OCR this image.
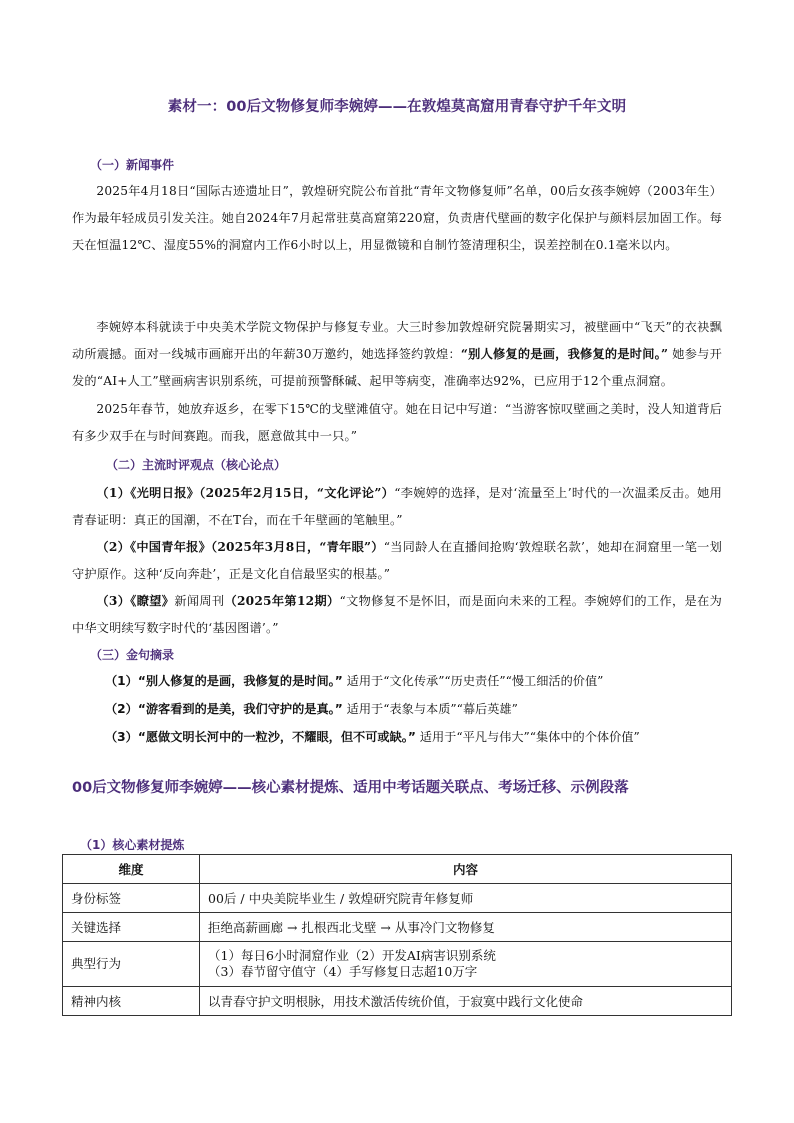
素材一：00后文物修复师李婉婷——在敦煌莫高窟用青春守护千年文明
（一）新闻事件
2025年4月18日“国际古迹遗址日”，敦煌研究院公布首批“青年文物修复师”名单，00后女孩李婉婷（2003年生）作为最年轻成员引发关注。她自2024年7月起常驻莫高窟第220窟，负责唐代壁画的数字化保护与颜料层加固工作。每天在恒温12℃、湿度55%的洞窟内工作6小时以上，用显微镜和自制竹签清理积尘，误差控制在0.1毫米以内。
李婉婷本科就读于中央美术学院文物保护与修复专业。大三时参加敦煌研究院暑期实习，被壁画中“飞天”的衣袂飘动所震撼。面对一线城市画廊开出的年薪30万邀约，她选择签约敦煌：“别人修复的是画，我修复的是时间。” 她参与开发的“AI+人工”壁画病害识别系统，可提前预警酥碱、起甲等病变，准确率达92%，已应用于12个重点洞窟。
2025年春节，她放弃返乡，在零下15℃的戈壁滩值守。她在日记中写道：“当游客惊叹壁画之美时，没人知道背后有多少双手在与时间赛跑。而我，愿意做其中一只。”
（二）主流时评观点（核心论点）
（1）《光明日报》（2025年2月15日，“文化评论”）“李婉婷的选择，是对‘流量至上’时代的一次温柔反击。她用青春证明：真正的国潮，不在T台，而在千年壁画的笔触里。”
（2）《中国青年报》（2025年3月8日，“青年眼”）“当同龄人在直播间抢购‘敦煌联名款’，她却在洞窟里一笔一划守护原作。这种‘反向奔赴’，正是文化自信最坚实的根基。”
（3）《瞭望》新闻周刊（2025年第12期）“文物修复不是怀旧，而是面向未来的工程。李婉婷们的工作，是在为中华文明续写数字时代的‘基因图谱’。”
（三）金句摘录
（1）“别人修复的是画，我修复的是时间。” 适用于“文化传承”“历史责任”“慢工细活的价值”
（2）“游客看到的是美，我们守护的是真。” 适用于“表象与本质”“幕后英雄”
（3）“愿做文明长河中的一粒沙，不耀眼，但不可或缺。” 适用于“平凡与伟大”“集体中的个体价值”
00后文物修复师李婉婷——核心素材提炼、适用中考话题关联点、考场迁移、示例段落
（1）核心素材提炼
维度	内容
身份标签	00后 / 中央美院毕业生 / 敦煌研究院青年修复师
关键选择	拒绝高薪画廊 → 扎根西北戈壁 → 从事冷门文物修复
典型行为	（1）每日6小时洞窟作业（2）开发AI病害识别系统
（3）春节留守值守（4）手写修复日志超10万字

精神内核	以青春守护文明根脉，用技术激活传统价值，于寂寞中践行文化使命
